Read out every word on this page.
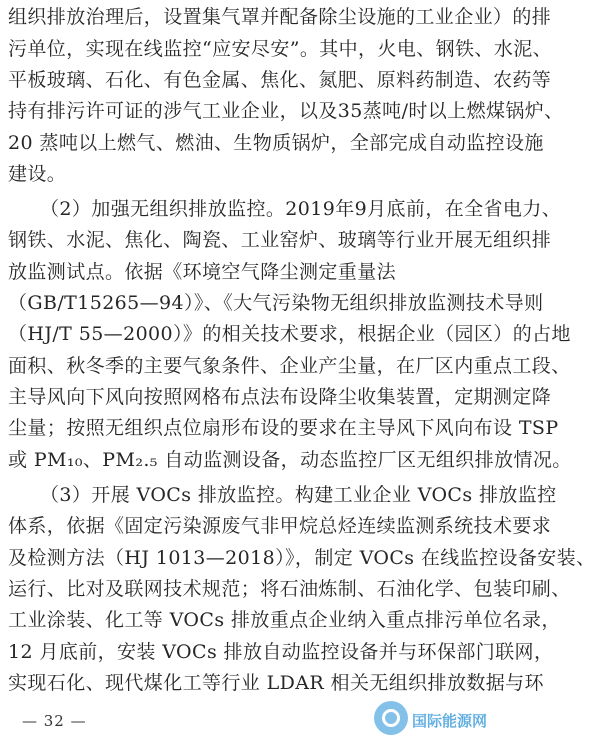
组织排放治理后，设置集气罩并配备除尘设施的工业企业）的排
污单位，实现在线监控“应安尽安”。其中，火电、钢铁、水泥、
平板玻璃、石化、有色金属、焦化、氮肥、原料药制造、农药等
持有排污许可证的涉气工业企业，以及35蒸吨/时以上燃煤锅炉、
20 蒸吨以上燃气、燃油、生物质锅炉，全部完成自动监控设施
建设。
（2）加强无组织排放监控。2019年9月底前，在全省电力、
钢铁、水泥、焦化、陶瓷、工业窑炉、玻璃等行业开展无组织排
放监测试点。依据《环境空气降尘测定重量法
（GB/T15265—94）》、《大气污染物无组织排放监测技术导则
（HJ/T 55—2000）》的相关技术要求，根据企业（园区）的占地
面积、秋冬季的主要气象条件、企业产尘量，在厂区内重点工段、
主导风向下风向按照网格布点法布设降尘收集装置，定期测定降
尘量；按照无组织点位扇形布设的要求在主导风下风向布设 TSP
或 PM₁₀、PM₂.₅ 自动监测设备，动态监控厂区无组织排放情况。
（3）开展 VOCs 排放监控。构建工业企业 VOCs 排放监控
体系，依据《固定污染源废气非甲烷总烃连续监测系统技术要求
及检测方法（HJ 1013—2018）》，制定 VOCs 在线监控设备安装、
运行、比对及联网技术规范；将石油炼制、石油化学、包装印刷、
工业涂装、化工等 VOCs 排放重点企业纳入重点排污单位名录，
12 月底前，安装 VOCs 排放自动监控设备并与环保部门联网，
实现石化、现代煤化工等行业 LDAR 相关无组织排放数据与环
— 32 —	国际能源网
